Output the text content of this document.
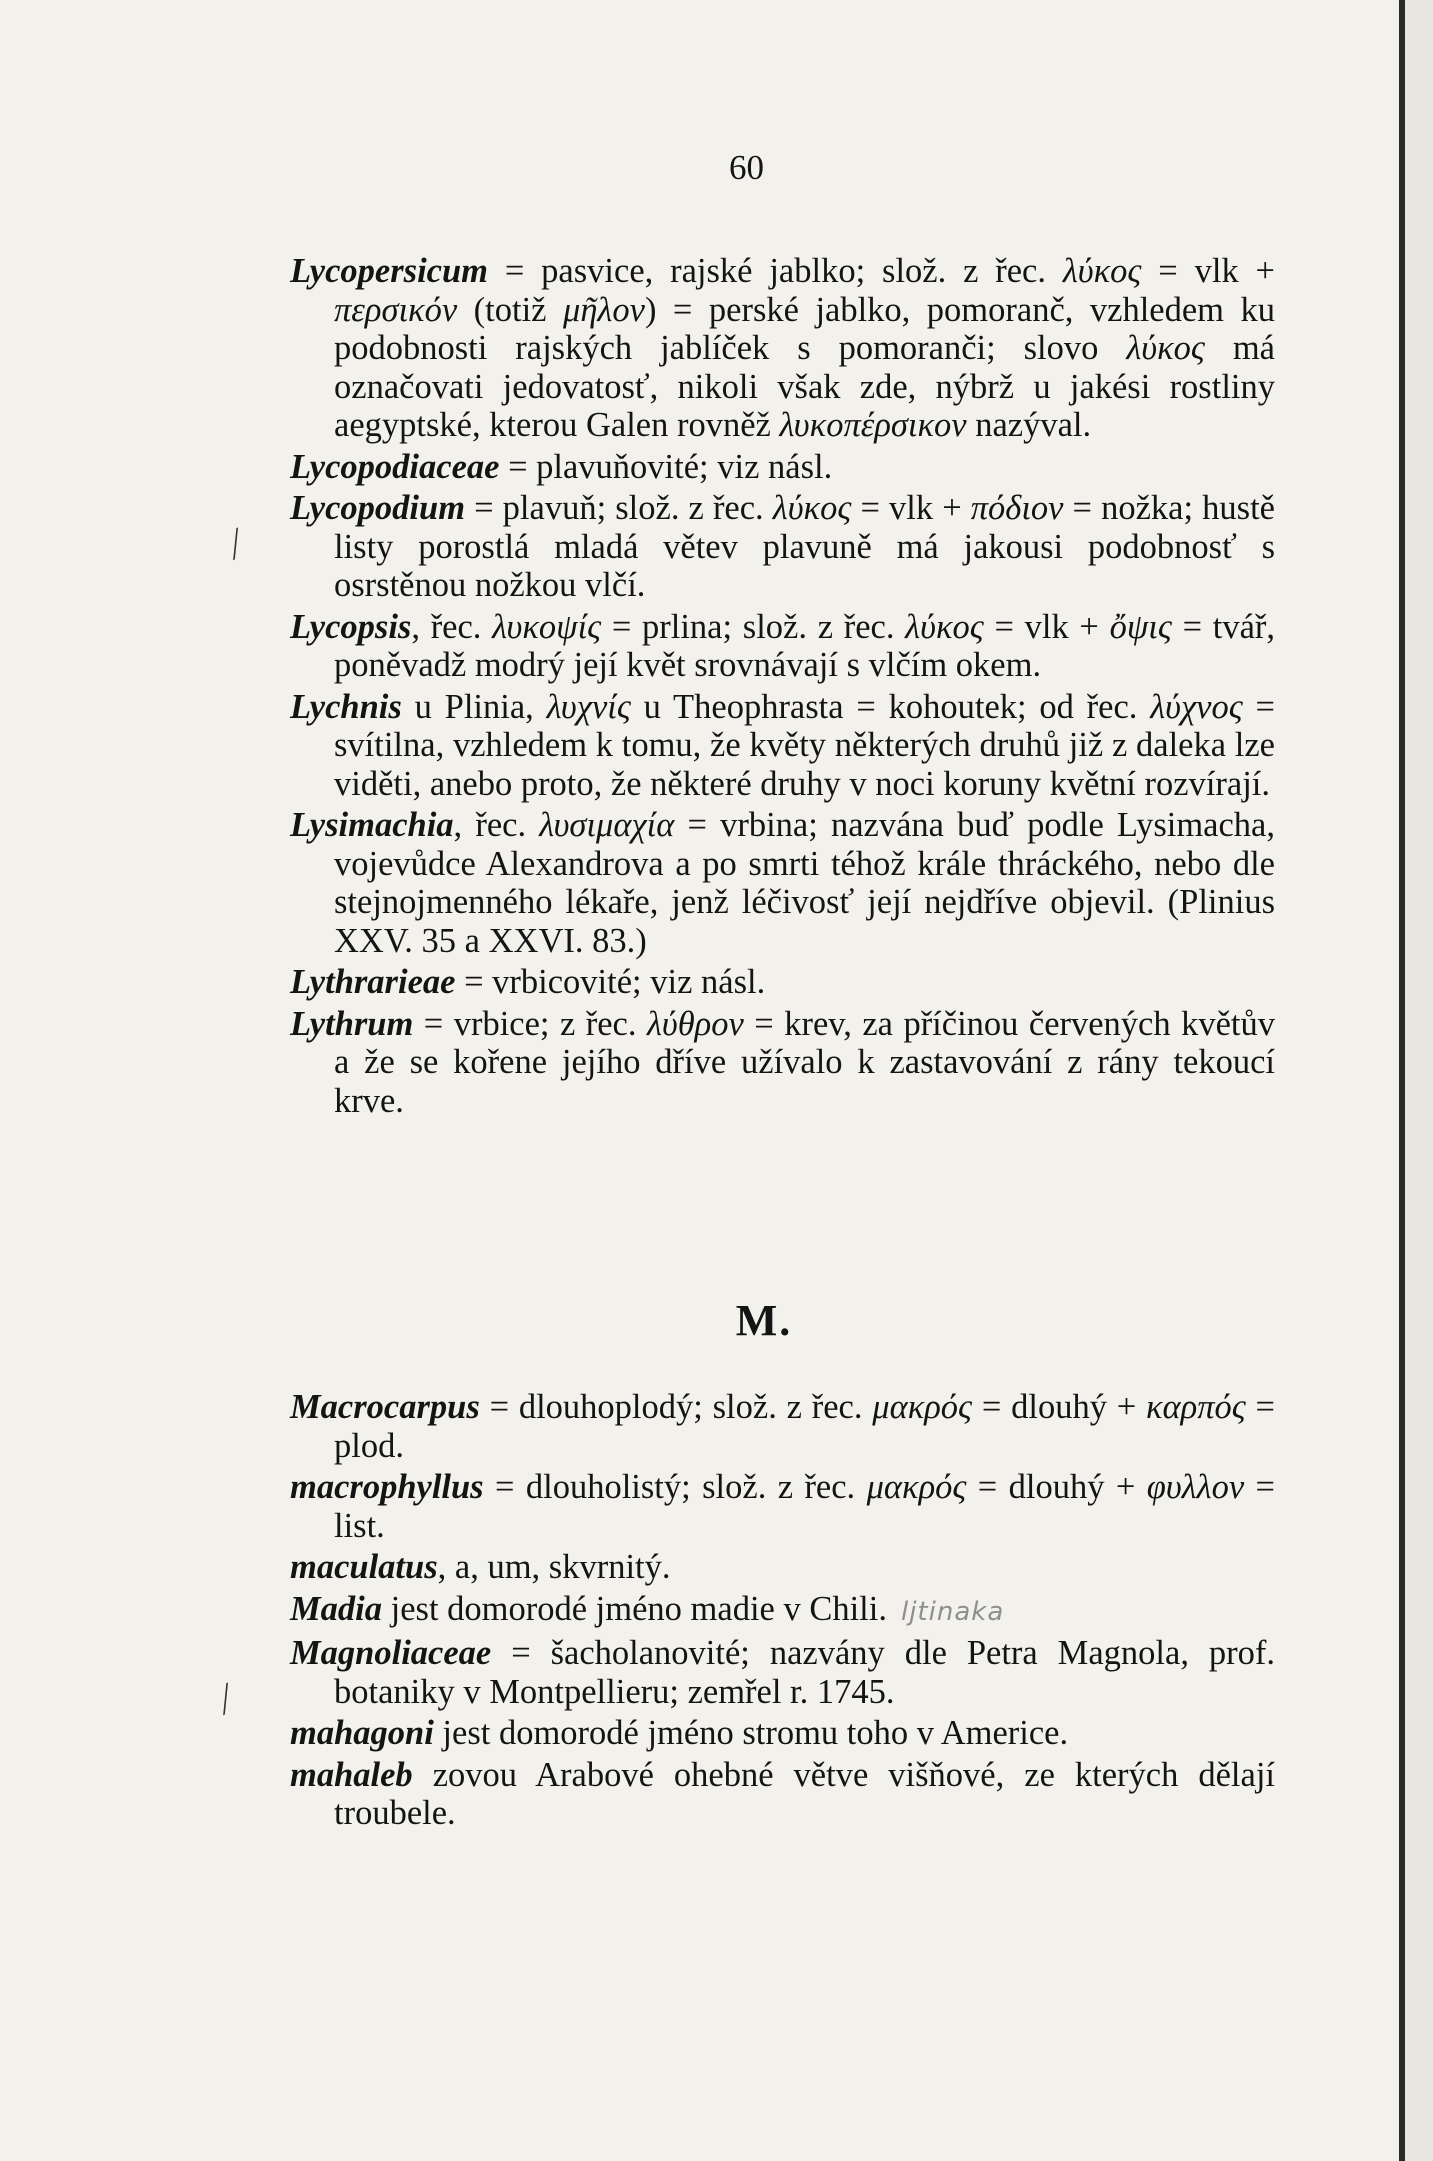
60

Lycopersicum = pasvice, rajské jablko; slož. z řec. λύκος = vlk + περσικόν (totiž μῆλον) = perské jablko, pomoranč, vzhledem ku podobnosti rajských jablíček s pomoranči; slovo λύκος má označovati jedovatosť, nikoli však zde, nýbrž u jakési rostliny aegyptské, kterou Galen rovněž λυκοπέρσικον nazýval.

Lycopodiaceae = plavuňovité; viz násl.

Lycopodium = plavuň; slož. z řec. λύκος = vlk + πόδιον = nožka; hustě listy porostlá mladá větev plavuně má jakousi podobnosť s osrstěnou nožkou vlčí.

Lycopsis, řec. λυκοψίς = prlina; slož. z řec. λύκος = vlk + ὄψις = tvář, poněvadž modrý její květ srovnávají s vlčím okem.

Lychnis u Plinia, λυχνίς u Theophrasta = kohoutek; od řec. λύχνος = svítilna, vzhledem k tomu, že květy některých druhů již z daleka lze viděti, anebo proto, že některé druhy v noci koruny květní rozvírají.

Lysimachia, řec. λυσιμαχία = vrbina; nazvána buď podle Lysimacha, vojevůdce Alexandrova a po smrti téhož krále thráckého, nebo dle stejnojmenného lékaře, jenž léčivosť její nejdříve objevil. (Plinius XXV. 35 a XXVI. 83.)

Lythrarieae = vrbicovité; viz násl.

Lythrum = vrbice; z řec. λύθρον = krev, za příčinou červených květův a že se kořene jejího dříve užívalo k zastavování z rány tekoucí krve.

M.

Macrocarpus = dlouhoplodý; slož. z řec. μακρός = dlouhý + καρπός = plod.

macrophyllus = dlouholistý; slož. z řec. μακρός = dlouhý + φυλλον = list.

maculatus, a, um, skvrnitý.

Madia jest domorodé jméno madie v Chili. ljtinaka

Magnoliaceae = šacholanovité; nazvány dle Petra Magnola, prof. botaniky v Montpellieru; zemřel r. 1745.

mahagoni jest domorodé jméno stromu toho v Americe.

mahaleb zovou Arabové ohebné větve višňové, ze kterých dělají troubele.

⁄
⁄
